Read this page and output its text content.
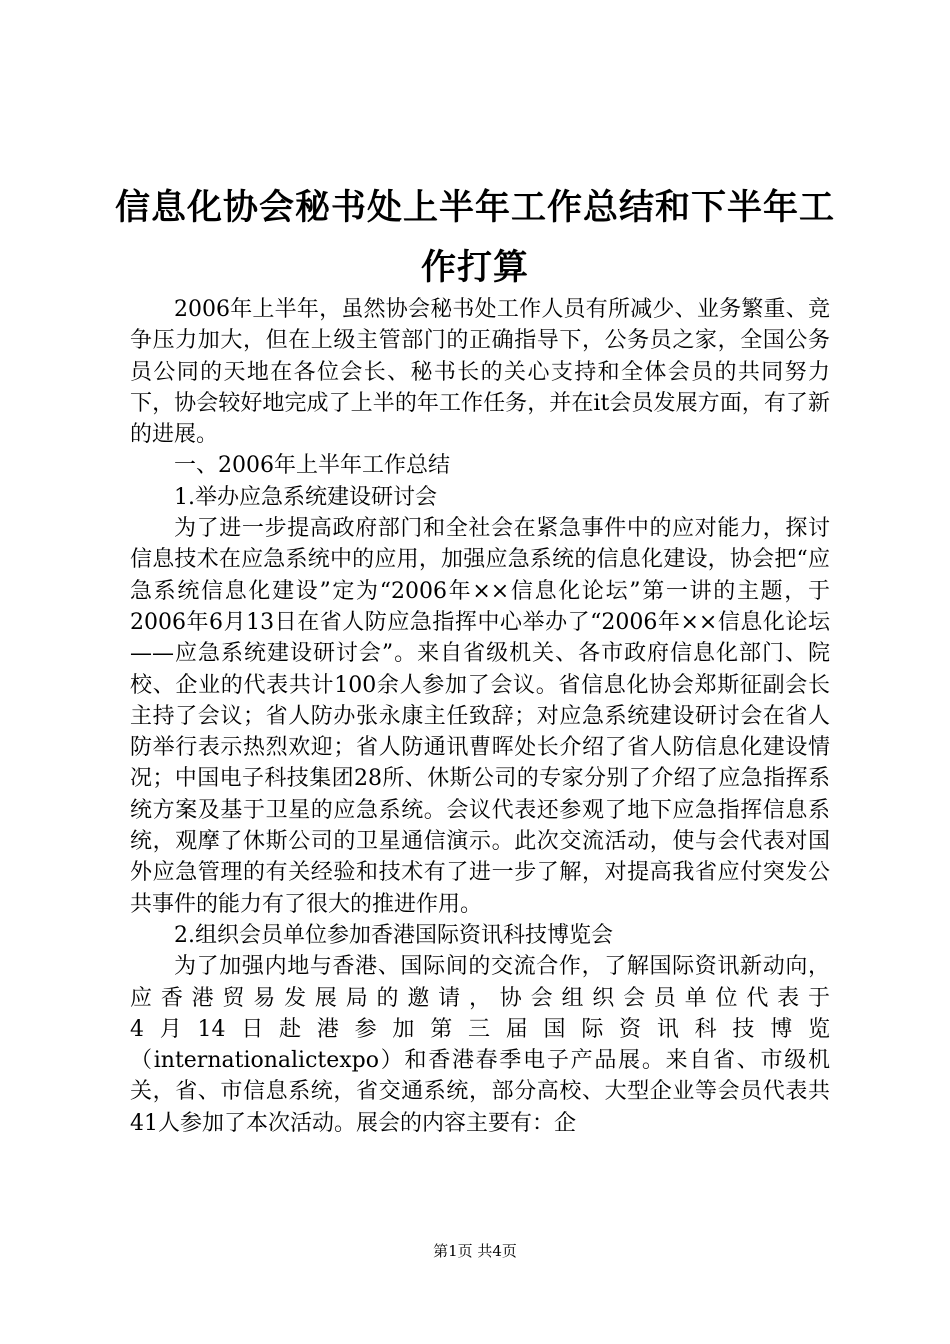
信息化协会秘书处上半年工作总结和下半年工
作打算

2006年上半年，虽然协会秘书处工作人员有所减少、业务繁重、竞争压力加大，但在上级主管部门的正确指导下，公务员之家，全国公务员公同的天地在各位会长、秘书长的关心支持和全体会员的共同努力下，协会较好地完成了上半的年工作任务，并在it会员发展方面，有了新的进展。

一、2006年上半年工作总结

1.举办应急系统建设研讨会

为了进一步提高政府部门和全社会在紧急事件中的应对能力，探讨信息技术在应急系统中的应用，加强应急系统的信息化建设，协会把“应急系统信息化建设”定为“2006年××信息化论坛”第一讲的主题，于2006年6月13日在省人防应急指挥中心举办了“2006年××信息化论坛——应急系统建设研讨会”。来自省级机关、各市政府信息化部门、院校、企业的代表共计100余人参加了会议。省信息化协会郑斯征副会长主持了会议；省人防办张永康主任致辞；对应急系统建设研讨会在省人防举行表示热烈欢迎；省人防通讯曹晖处长介绍了省人防信息化建设情况；中国电子科技集团28所、休斯公司的专家分别了介绍了应急指挥系统方案及基于卫星的应急系统。会议代表还参观了地下应急指挥信息系统，观摩了休斯公司的卫星通信演示。此次交流活动，使与会代表对国外应急管理的有关经验和技术有了进一步了解，对提高我省应付突发公共事件的能力有了很大的推进作用。

2.组织会员单位参加香港国际资讯科技博览会

为了加强内地与香港、国际间的交流合作，了解国际资讯新动向，应香港贸易发展局的邀请，协会组织会员单位代表于

4月14日赴港参加第三届国际资讯科技博览

（internationalictexpo）和香港春季电子产品展。来自省、市级机关，省、市信息系统，省交通系统，部分高校、大型企业等会员代表共41人参加了本次活动。展会的内容主要有：企

第1页 共4页
